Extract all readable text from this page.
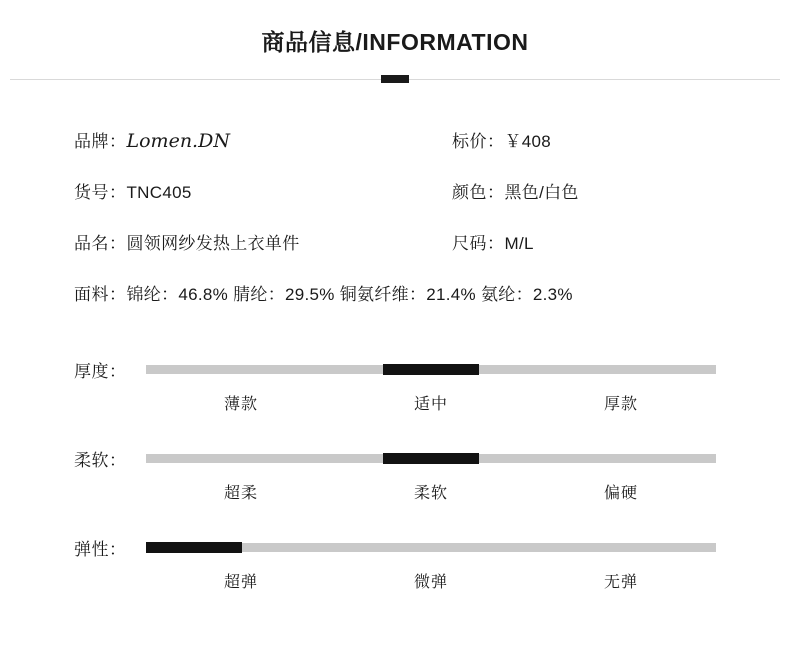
商品信息/INFORMATION
品牌： Lomen.DN	标价： ￥408
货号： TNC405	颜色： 黑色/白色
品名： 圆领网纱发热上衣单件	尺码： M/L
面料： 锦纶：46.8% 腈纶：29.5% 铜氨纤维：21.4% 氨纶：2.3%
厚度：
薄款	适中	厚款
柔软：
超柔	柔软	偏硬
弹性：
超弹	微弹	无弹
